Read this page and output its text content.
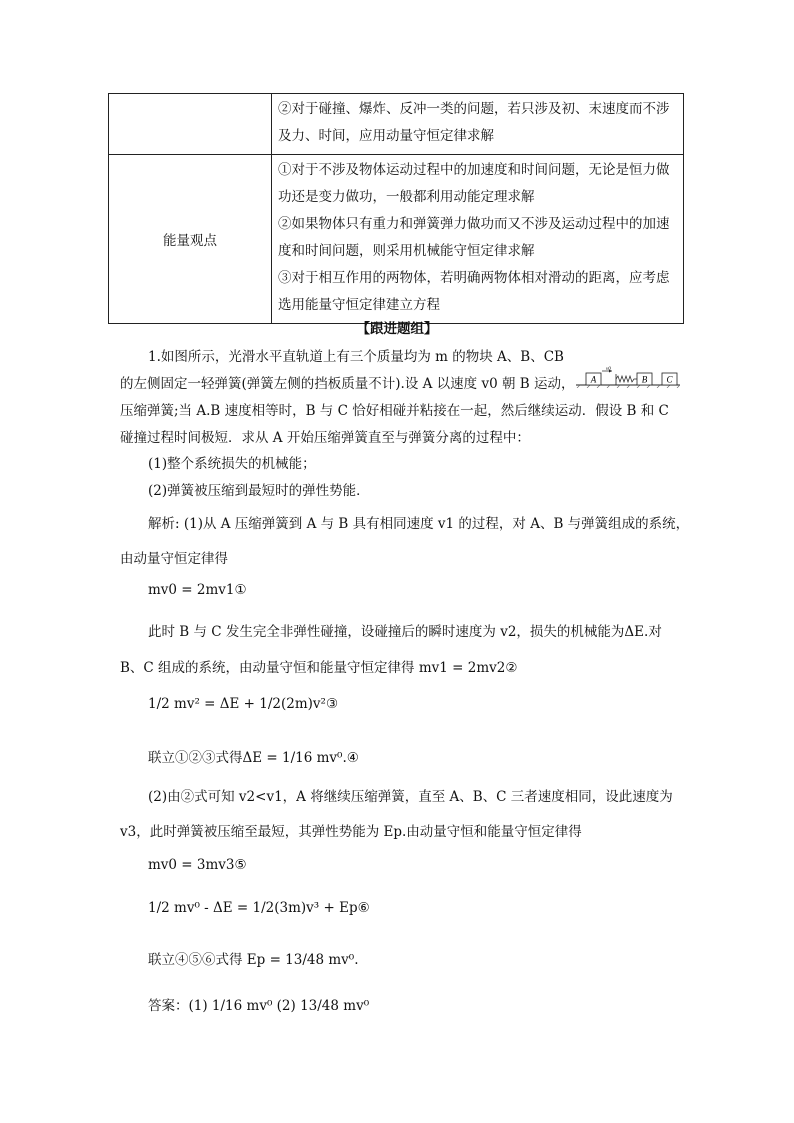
	②对于碰撞、爆炸、反冲一类的问题，若只涉及初、末速度而不涉及力、时间，应用动量守恒定律求解

能量观点	①对于不涉及物体运动过程中的加速度和时间问题，无论是恒力做功还是变力做功，一般都利用动能定理求解
②如果物体只有重力和弹簧弹力做功而又不涉及运动过程中的加速度和时间问题，则采用机械能守恒定律求解
③对于相互作用的两物体，若明确两物体相对滑动的距离，应考虑选用能量守恒定律建立方程
【跟进题组】
1.如图所示，光滑水平直轨道上有三个质量均为 m 的物块 A、B、CB
的左侧固定一轻弹簧(弹簧左侧的挡板质量不计).设 A 以速度 v0 朝 B 运动，
压缩弹簧;当 A.B 速度相等时，B 与 C 恰好相碰并粘接在一起，然后继续运动．假设 B 和 C
碰撞过程时间极短．求从 A 开始压缩弹簧直至与弹簧分离的过程中：
(1)整个系统损失的机械能；
(2)弹簧被压缩到最短时的弹性势能．
A
v0
B C
解析: (1)从 A 压缩弹簧到 A 与 B 具有相同速度 v1 的过程，对 A、B 与弹簧组成的系统，
由动量守恒定律得
mv0 = 2mv1①
此时 B 与 C 发生完全非弹性碰撞，设碰撞后的瞬时速度为 v2，损失的机械能为ΔE.对
B、C 组成的系统，由动量守恒和能量守恒定律得 mv1 = 2mv2②
1/2 mv² = ΔE + 1/2(2m)v²③
联立①②③式得ΔE = 1/16 mv⁰.④
(2)由②式可知 v2<v1，A 将继续压缩弹簧，直至 A、B、C 三者速度相同，设此速度为
v3，此时弹簧被压缩至最短，其弹性势能为 Ep.由动量守恒和能量守恒定律得
mv0 = 3mv3⑤
1/2 mv⁰ - ΔE = 1/2(3m)v³ + Ep⑥
联立④⑤⑥式得 Ep = 13/48 mv⁰.
答案：(1) 1/16 mv⁰ (2) 13/48 mv⁰
